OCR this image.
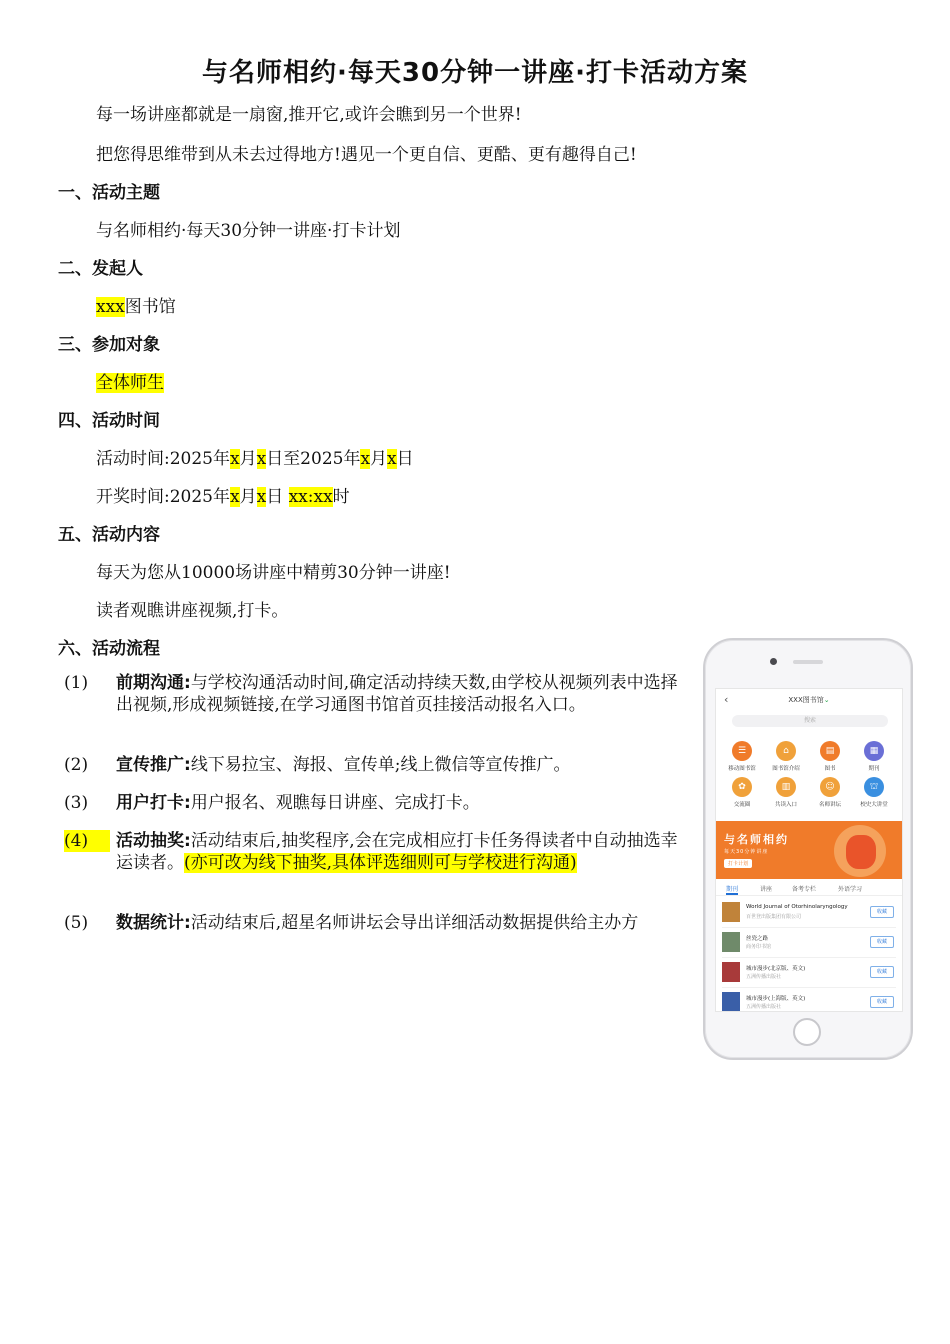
与名师相约·每天30分钟一讲座·打卡活动方案
每一场讲座都就是一扇窗,推开它,或许会瞧到另一个世界!
把您得思维带到从未去过得地方!遇见一个更自信、更酷、更有趣得自己!
一、活动主题
与名师相约·每天30分钟一讲座·打卡计划
二、发起人
xxx图书馆
三、参加对象
全体师生
四、活动时间
活动时间:2025年x月x日至2025年x月x日
开奖时间:2025年x月x日 xx:xx时
五、活动内容
每天为您从10000场讲座中精剪30分钟一讲座!
读者观瞧讲座视频,打卡。
六、活动流程
(1)	前期沟通:与学校沟通活动时间,确定活动持续天数,由学校从视频列表中选择出视频,形成视频链接,在学习通图书馆首页挂接活动报名入口。
(2)	宣传推广:线下易拉宝、海报、宣传单;线上微信等宣传推广。
(3)	用户打卡:用户报名、观瞧每日讲座、完成打卡。
(4)	活动抽奖:活动结束后,抽奖程序,会在完成相应打卡任务得读者中自动抽选幸运读者。(亦可改为线下抽奖,具体评选细则可与学校进行沟通)
(5)	数据统计:活动结束后,超星名师讲坛会导出详细活动数据提供给主办方
‹	XXX图书馆⌄
搜索
☰
移动图书馆
⌂
图书馆介绍
▤
图书
▦
期刊
✿
交流圈
▥
共读入口
☺
名师讲坛
⛫
校史大讲堂
与名师相约
每天30分钟讲座
打卡计划
期刊	讲座	备考专栏	外语学习
World Journal of Otorhinolaryngology
百世登出版集团有限公司
收藏
丝瓷之路
商务印书馆
收藏
城市漫步(北京版、英文)
五洲传播出版社
收藏
城市漫步(上海版、英文)
五洲传播出版社
收藏
